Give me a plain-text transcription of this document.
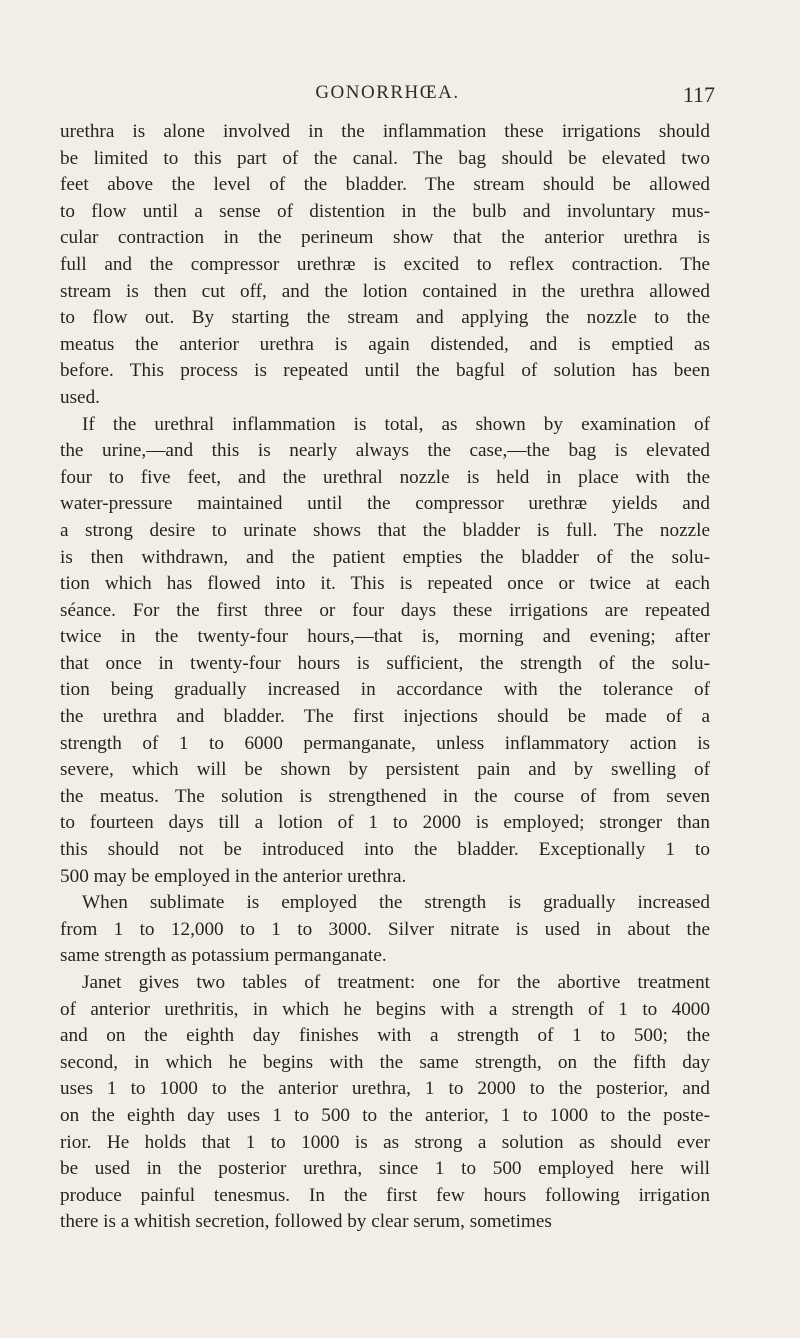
GONORRHŒA.	117
urethra is alone involved in the inflammation these irrigations should
be limited to this part of the canal. The bag should be elevated two
feet above the level of the bladder. The stream should be allowed
to flow until a sense of distention in the bulb and involuntary mus-
cular contraction in the perineum show that the anterior urethra is
full and the compressor urethræ is excited to reflex contraction. The
stream is then cut off, and the lotion contained in the urethra allowed
to flow out. By starting the stream and applying the nozzle to the
meatus the anterior urethra is again distended, and is emptied as
before. This process is repeated until the bagful of solution has been
used.
If the urethral inflammation is total, as shown by examination of
the urine,—and this is nearly always the case,—the bag is elevated
four to five feet, and the urethral nozzle is held in place with the
water-pressure maintained until the compressor urethræ yields and
a strong desire to urinate shows that the bladder is full. The nozzle
is then withdrawn, and the patient empties the bladder of the solu-
tion which has flowed into it. This is repeated once or twice at each
séance. For the first three or four days these irrigations are repeated
twice in the twenty-four hours,—that is, morning and evening; after
that once in twenty-four hours is sufficient, the strength of the solu-
tion being gradually increased in accordance with the tolerance of
the urethra and bladder. The first injections should be made of a
strength of 1 to 6000 permanganate, unless inflammatory action is
severe, which will be shown by persistent pain and by swelling of
the meatus. The solution is strengthened in the course of from seven
to fourteen days till a lotion of 1 to 2000 is employed; stronger than
this should not be introduced into the bladder. Exceptionally 1 to
500 may be employed in the anterior urethra.
When sublimate is employed the strength is gradually increased
from 1 to 12,000 to 1 to 3000. Silver nitrate is used in about the
same strength as potassium permanganate.
Janet gives two tables of treatment: one for the abortive treatment
of anterior urethritis, in which he begins with a strength of 1 to 4000
and on the eighth day finishes with a strength of 1 to 500; the
second, in which he begins with the same strength, on the fifth day
uses 1 to 1000 to the anterior urethra, 1 to 2000 to the posterior, and
on the eighth day uses 1 to 500 to the anterior, 1 to 1000 to the poste-
rior. He holds that 1 to 1000 is as strong a solution as should ever
be used in the posterior urethra, since 1 to 500 employed here will
produce painful tenesmus. In the first few hours following irrigation
there is a whitish secretion, followed by clear serum, sometimes
